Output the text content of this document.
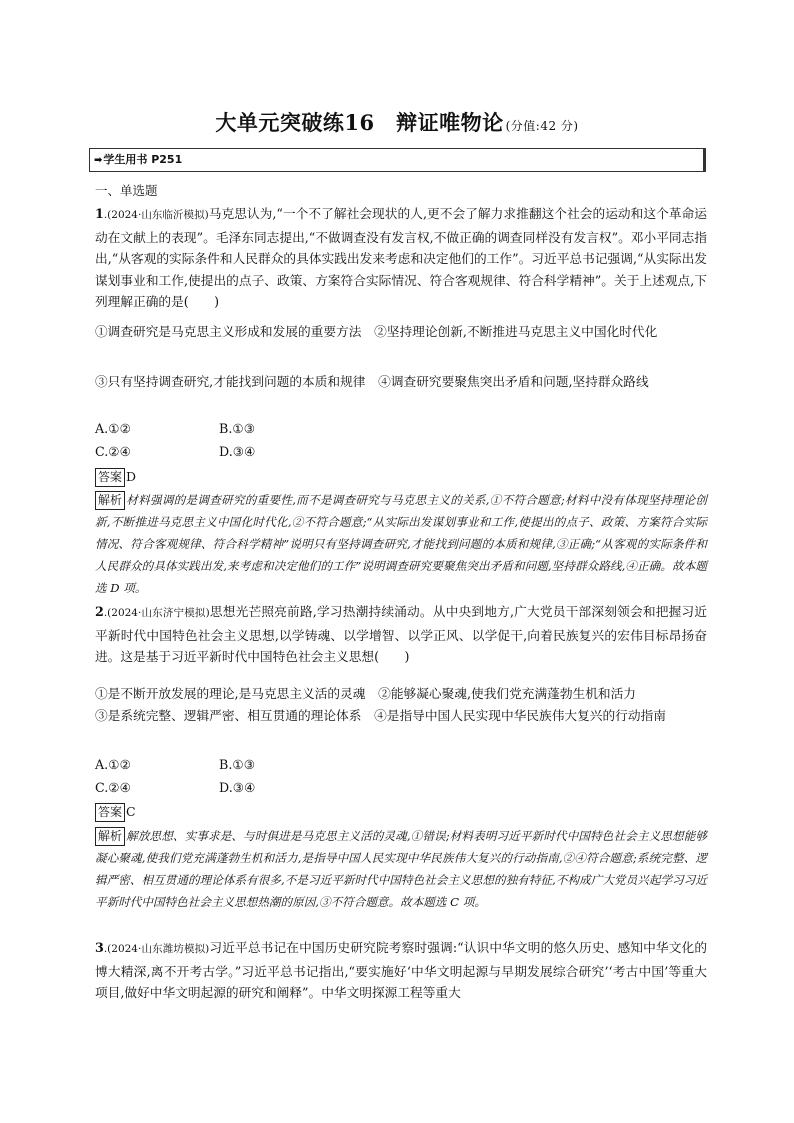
大单元突破练16　辩证唯物论 (分值:42 分)
➡学生用书 P251
一、单选题
1.(2024·山东临沂模拟)马克思认为,“一个不了解社会现状的人,更不会了解力求推翻这个社会的运动和这个革命运动在文献上的表现”。毛泽东同志提出,“不做调查没有发言权,不做正确的调查同样没有发言权”。邓小平同志指出,“从客观的实际条件和人民群众的具体实践出发来考虑和决定他们的工作”。习近平总书记强调,“从实际出发谋划事业和工作,使提出的点子、政策、方案符合实际情况、符合客观规律、符合科学精神”。关于上述观点,下列理解正确的是(　　)
①调查研究是马克思主义形成和发展的重要方法　②坚持理论创新,不断推进马克思主义中国化时代化
③只有坚持调查研究,才能找到问题的本质和规律　④调查研究要聚焦突出矛盾和问题,坚持群众路线
A.①②	B.①③
C.②④	D.③④
答案 D
解析 材料强调的是调查研究的重要性,而不是调查研究与马克思主义的关系,①不符合题意;材料中没有体现坚持理论创新,不断推进马克思主义中国化时代化,②不符合题意;“从实际出发谋划事业和工作,使提出的点子、政策、方案符合实际情况、符合客观规律、符合科学精神”说明只有坚持调查研究,才能找到问题的本质和规律,③正确;“从客观的实际条件和人民群众的具体实践出发,来考虑和决定他们的工作”说明调查研究要聚焦突出矛盾和问题,坚持群众路线,④正确。故本题选 D 项。
2.(2024·山东济宁模拟)思想光芒照亮前路,学习热潮持续涌动。从中央到地方,广大党员干部深刻领会和把握习近平新时代中国特色社会主义思想,以学铸魂、以学增智、以学正风、以学促干,向着民族复兴的宏伟目标昂扬奋进。这是基于习近平新时代中国特色社会主义思想(　　)
①是不断开放发展的理论,是马克思主义活的灵魂　②能够凝心聚魂,使我们党充满蓬勃生机和活力
③是系统完整、逻辑严密、相互贯通的理论体系　④是指导中国人民实现中华民族伟大复兴的行动指南
A.①②	B.①③
C.②④	D.③④
答案 C
解析 解放思想、实事求是、与时俱进是马克思主义活的灵魂,①错误;材料表明习近平新时代中国特色社会主义思想能够凝心聚魂,使我们党充满蓬勃生机和活力,是指导中国人民实现中华民族伟大复兴的行动指南,②④符合题意;系统完整、逻辑严密、相互贯通的理论体系有很多,不是习近平新时代中国特色社会主义思想的独有特征,不构成广大党员兴起学习习近平新时代中国特色社会主义思想热潮的原因,③不符合题意。故本题选 C 项。
3.(2024·山东潍坊模拟)习近平总书记在中国历史研究院考察时强调:“认识中华文明的悠久历史、感知中华文化的博大精深,离不开考古学。”习近平总书记指出,“要实施好‘中华文明起源与早期发展综合研究’‘考古中国’等重大项目,做好中华文明起源的研究和阐释”。中华文明探源工程等重大
